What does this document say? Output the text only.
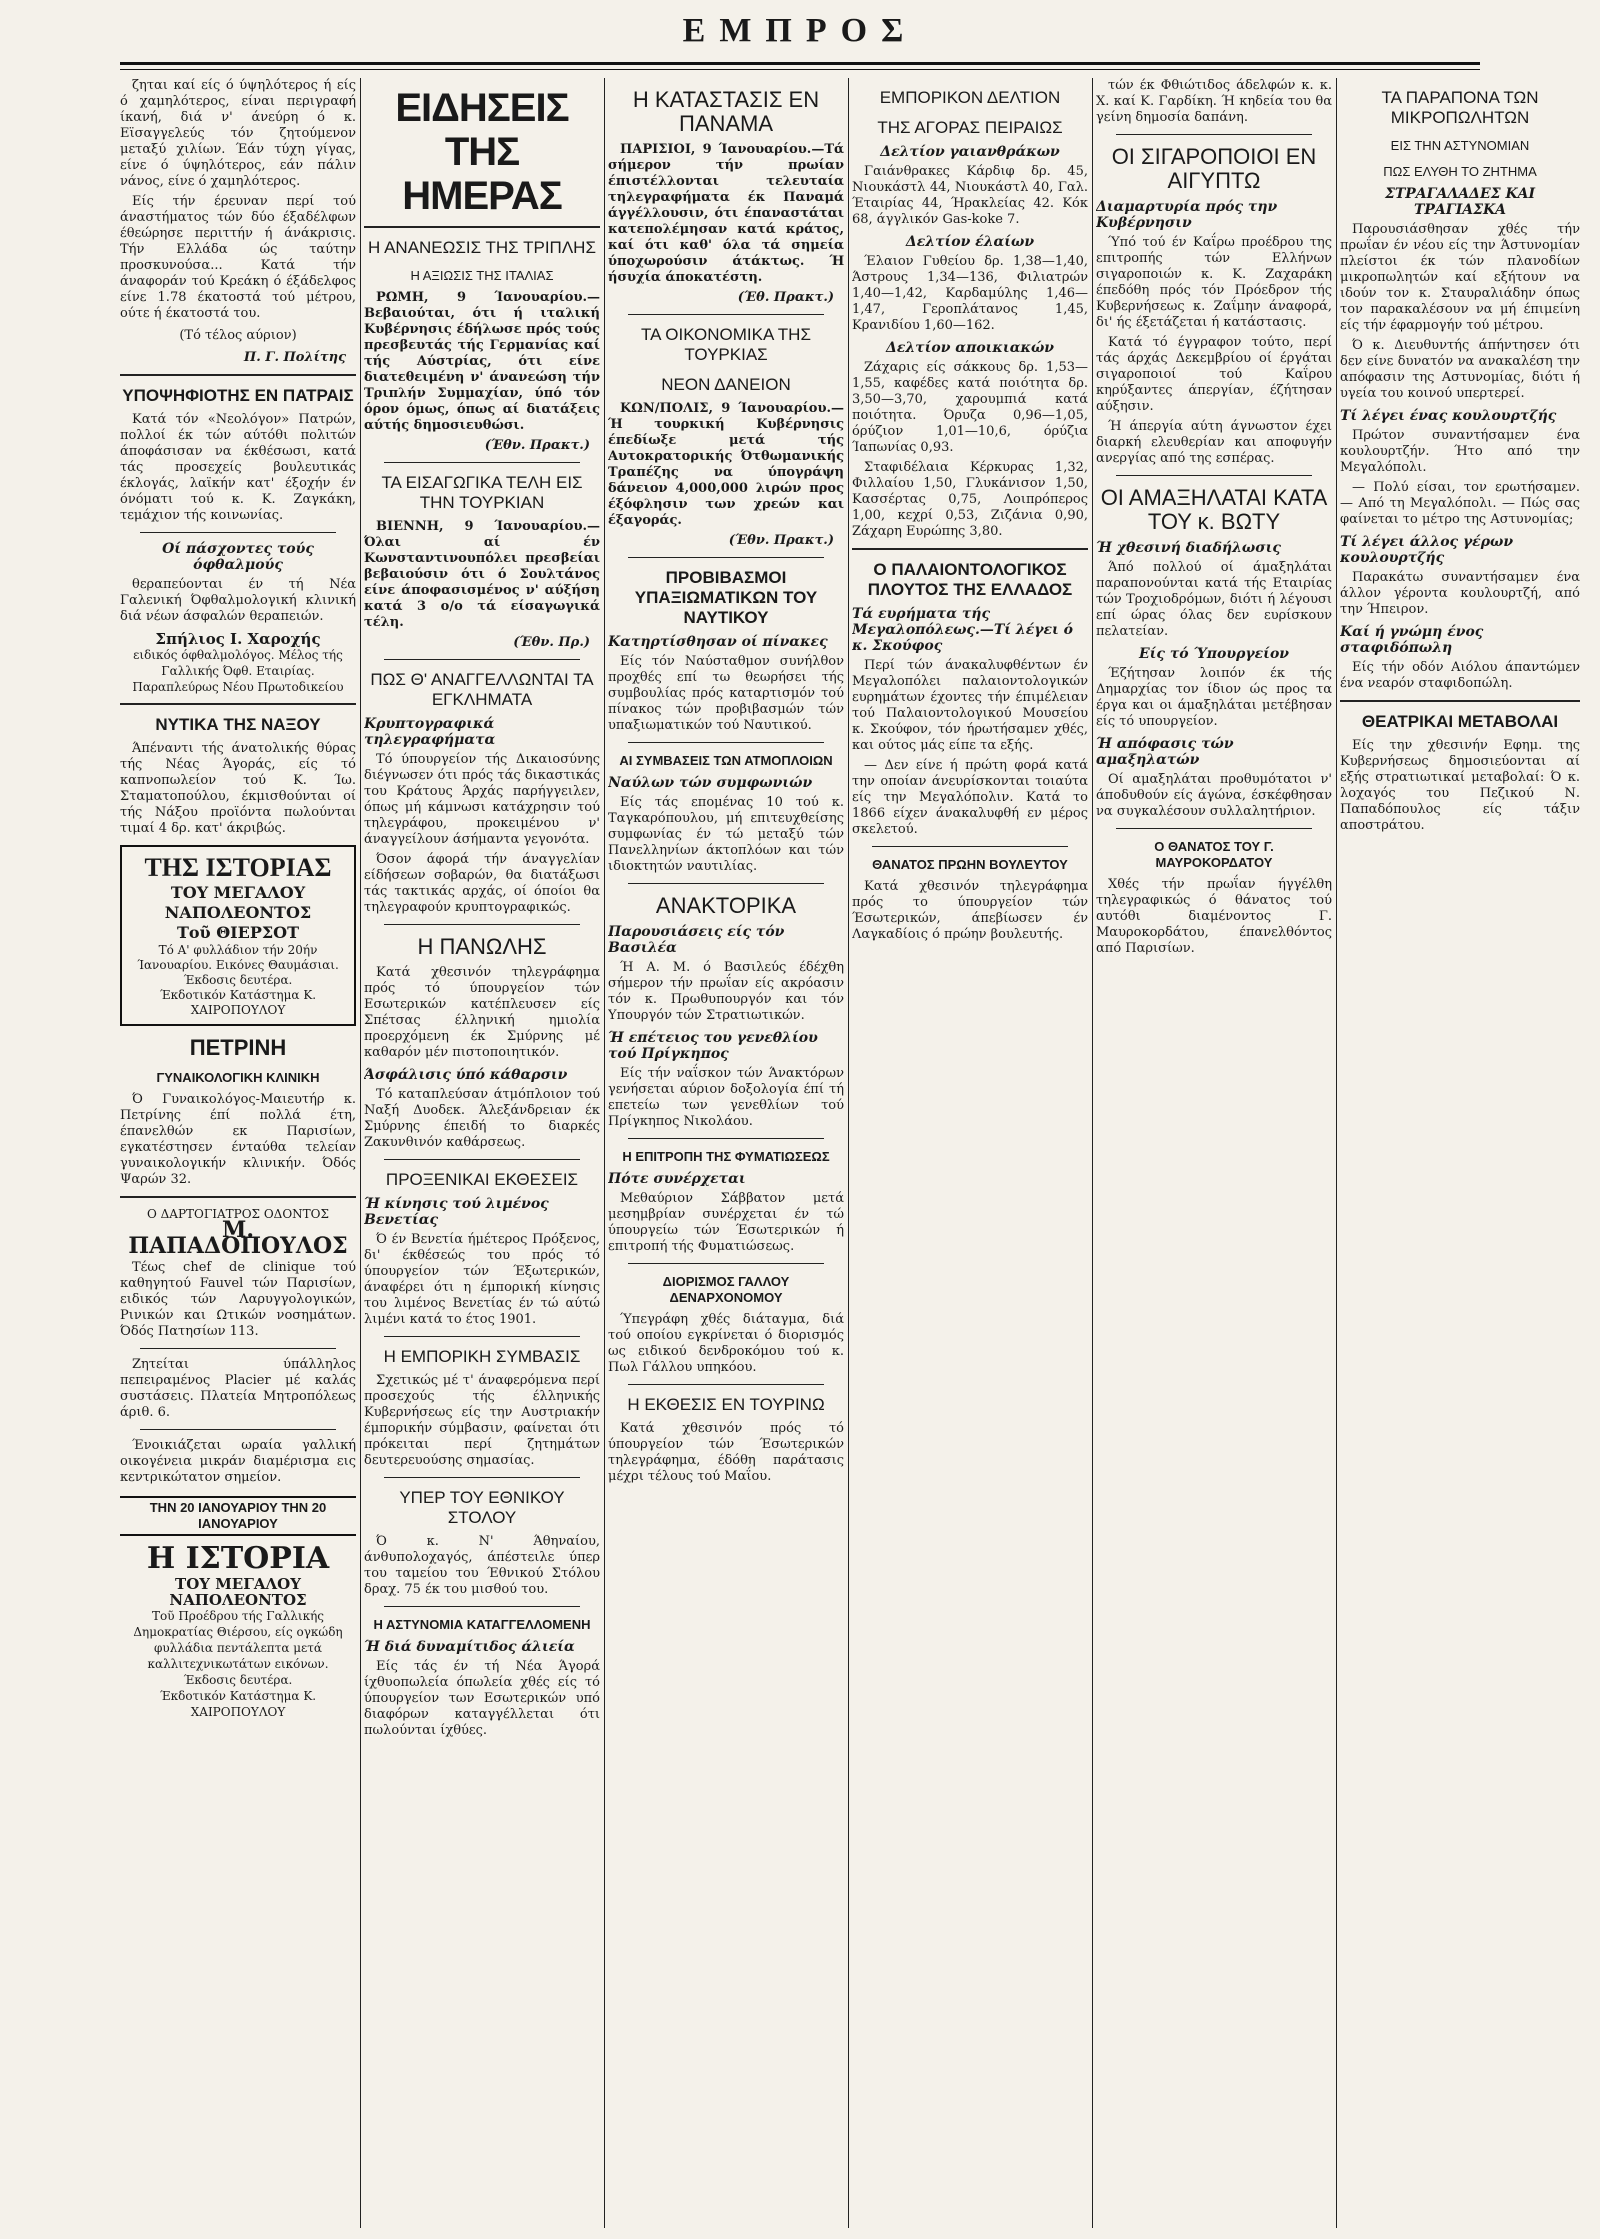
ΕΜΠΡΟΣ

ζηται καί είς ό ύψηλότερος ή είς ό χαμηλότερος, είναι περιγραφή ίκανή, διά ν' άνεύρη ό κ. Εϊσαγγελεύς τόν ζητούμενον μεταξύ χιλίων. Έάν τύχη γίγας, είνε ό ύψηλότερος, εάν πάλιν νάνος, είνε ό χαμηλότερος.

Είς τήν έρευναν περί τού άναστήματος τών δύο έξαδέλφων έθεώρησε περιττήν ή άνάκρισις. Τήν Ελλάδα ώς ταύτην προσκυνούσα... Κατά τήν άναφοράν τού Κρεάκη ό έξάδελφος είνε 1.78 έκατοστά τού μέτρου, ούτε ή έκατοστά του.

(Τό τέλος αύριον)
Π. Γ. Πολίτης
ΥΠΟΨΗΦΙΟΤΗΣ ΕΝ ΠΑΤΡΑΙΣ

Κατά τόν «Νεολόγον» Πατρών, πολλοί έκ τών αύτόθι πολιτών άποφάσισαν να έκθέσωσι, κατά τάς προσεχείς βουλευτικάς έκλογάς, λαϊκήν κατ' έξοχήν έν όνόματι τού κ. Κ. Ζαγκάκη, τεμάχιον τής κοινωνίας.

Οί πάσχοντες τούς όφθαλμούς

θεραπεύονται έν τή Νέα Γαλενική Όφθαλμολογική κλινική διά νέων άσφαλών θεραπειών.

Σπήλιος Ι. Χαροχής
ειδικός όφθαλμολόγος. Μέλος τής Γαλλικής Όφθ. Εταιρίας. Παραπλεύρως Νέου Πρωτοδικείου
ΝΥΤΙΚΑ ΤΗΣ ΝΑΞΟΥ

Άπέναντι τής άνατολικής θύρας τής Νέας Άγοράς, είς τό καπνοπωλείον τού Κ. Ίω. Σταματοπούλου, έκμισθούνται οί τής Νάξου προϊόντα πωλούνται τιμαί 4 δρ. κατ' άκριβώς.

ΤΗΣ ΙΣΤΟΡΙΑΣ
ΤΟΥ ΜΕΓΑΛΟΥ ΝΑΠΟΛΕΟΝΤΟΣ
Τοῦ ΘΙΕΡΣΟΤ
Τό Α' φυλλάδιον τήν 20ήν Ίανουαρίου. Εικόνες Θαυμάσιαι. Έκδοσις δευτέρα.
Έκδοτικόν Κατάστημα Κ. ΧΑΙΡΟΠΟΥΛΟΥ
ΠΕΤΡΙΝΗ
ΓΥΝΑΙΚΟΛΟΓΙΚΗ ΚΛΙΝΙΚΗ

Ό Γυναικολόγος-Μαιευτήρ κ. Πετρίνης έπί πολλά έτη, έπανελθών εκ Παρισίων, εγκατέστησεν ένταύθα τελείαν γυναικολογικήν κλινικήν. Όδός Ψαρών 32.

Ο ΔΑΡΤΟΓΙΑΤΡΟΣ ΟΔΟΝΤΟΣ
Μ. ΠΑΠΑΔΟΠΟΥΛΟΣ

Τέως chef de clinique τού καθηγητού Fauvel τών Παρισίων, ειδικός τών Λαρυγγολογικών, Ρινικών και Ωτικών νοσημάτων. Όδός Πατησίων 113.

Ζητείται ύπάλληλος πεπειραμένος Placier μέ καλάς συστάσεις. Πλατεία Μητροπόλεως άριθ. 6.

Ένοικιάζεται ωραία γαλλική οικογένεια μικράν διαμέρισμα εις κεντρικώτατον σημείον.

ΤΗΝ 20 ΙΑΝΟΥΑΡΙΟΥ ΤΗΝ 20 ΙΑΝΟΥΑΡΙΟΥ
Η ΙΣΤΟΡΙΑ
ΤΟΥ ΜΕΓΑΛΟΥ ΝΑΠΟΛΕΟΝΤΟΣ
Τοῦ Προέδρου τής Γαλλικής Δημοκρατίας Θιέρσου, είς ογκώδη φυλλάδια πεντάλεπτα μετά καλλιτεχνικωτάτων εικόνων. Έκδοσις δευτέρα.
Έκδοτικόν Κατάστημα Κ. ΧΑΙΡΟΠΟΥΛΟΥ
ΕΙΔΗΣΕΙΣ ΤΗΣ ΗΜΕΡΑΣ
Η ΑΝΑΝΕΩΣΙΣ ΤΗΣ ΤΡΙΠΛΗΣ
Η ΑΞΙΩΣΙΣ ΤΗΣ ΙΤΑΛΙΑΣ

ΡΩΜΗ, 9 Ίανουαρίου.—Βεβαιούται, ότι ή ιταλική Κυβέρνησις έδήλωσε πρός τούς πρεσβευτάς τής Γερμανίας καί τής Αύστρίας, ότι είνε διατεθειμένη ν' άνανεώση τήν Τριπλήν Συμμαχίαν, ύπό τόν όρον όμως, όπως αί διατάξεις αύτής δημοσιευθώσι.

(Έθν. Πρακτ.)
ΤΑ ΕΙΣΑΓΩΓΙΚΑ ΤΕΛΗ ΕΙΣ ΤΗΝ ΤΟΥΡΚΙΑΝ

ΒΙΕΝΝΗ, 9 Ίανουαρίου.—Όλαι αί έν Κωνσταντινουπόλει πρεσβείαι βεβαιούσιν ότι ό Σουλτάνος είνε άποφασισμένος ν' αύξήση κατά 3 ο/ο τά είσαγωγικά τέλη.

(Έθν. Πρ.)
ΠΩΣ Θ' ΑΝΑΓΓΕΛΛΩΝΤΑΙ ΤΑ ΕΓΚΛΗΜΑΤΑ
Κρυπτογραφικά τηλεγραφήματα

Τό ύπουργείον τής Δικαιοσύνης διέγνωσεν ότι πρός τάς δικαστικάς του Κράτους Άρχάς παρήγγειλεν, όπως μή κάμνωσι κατάχρησιν τού τηλεγράφου, προκειμένου ν' άναγγείλουν άσήμαντα γεγονότα.

Όσον άφορά τήν άναγγελίαν είδήσεων σοβαρών, θα διατάξωσι τάς τακτικάς αρχάς, οί όποίοι θα τηλεγραφούν κρυπτογραφικώς.

Η ΠΑΝΩΛΗΣ

Κατά χθεσινόν τηλεγράφημα πρός τό ύπουργείον τών Εσωτερικών κατέπλευσεν είς Σπέτσας έλληνική ημιολία προερχόμενη έκ Σμύρνης μέ καθαρόν μέν πιστοποιητικόν.

Άσφάλισις ύπό κάθαρσιν

Τό καταπλεύσαν άτμόπλοιον τού Ναξή Δυοδεκ. Άλεξάνδρειαν έκ Σμύρνης έπειδή το διαρκές Ζακυνθινόν καθάρσεως.

ΠΡΟΞΕΝΙΚΑΙ ΕΚΘΕΣΕΙΣ
Ή κίνησις τού λιμένος Βενετίας

Ό έν Βενετία ήμέτερος Πρόξενος, δι' έκθέσεώς του πρός τό ύπουργείον τών Έξωτερικών, άναφέρει ότι η έμπορική κίνησις του λιμένος Βενετίας έν τώ αύτώ λιμένι κατά το έτος 1901.

Η ΕΜΠΟΡΙΚΗ ΣΥΜΒΑΣΙΣ

Σχετικώς μέ τ' άναφερόμενα περί προσεχούς τής έλληνικής Κυβερνήσεως είς την Αυστριακήν έμπορικήν σύμβασιν, φαίνεται ότι πρόκειται περί ζητημάτων δευτερευούσης σημασίας.

ΥΠΕΡ ΤΟΥ ΕΘΝΙΚΟΥ ΣΤΟΛΟΥ

Ό κ. Ν' Άθηναίου, άνθυπολοχαγός, άπέστειλε ύπερ του ταμείου του Έθνικού Στόλου δραχ. 75 έκ του μισθού του.

Η ΑΣΤΥΝΟΜΙΑ ΚΑΤΑΓΓΕΛΛΟΜΕΝΗ
Ή διά δυναμίτιδος άλιεία

Είς τάς έν τή Νέα Άγορά ίχθυοπωλεία όπωλεία χθές είς τό ύπουργείον των Εσωτερικών υπό διαφόρων καταγγέλλεται ότι πωλούνται ίχθύες.

Η ΚΑΤΑΣΤΑΣΙΣ ΕΝ ΠΑΝΑΜΑ

ΠΑΡΙΣΙΟΙ, 9 Ίανουαρίου.—Τά σήμερον τήν πρωίαν έπιστέλλονται τελευταία τηλεγραφήματα έκ Παναμά άγγέλλουσιν, ότι έπαναστάται κατεπολέμησαν κατά κράτος, καί ότι καθ' όλα τά σημεία ύποχωρούσιν άτάκτως. Ή ήσυχία άποκατέστη.

(Έθ. Πρακτ.)
ΤΑ ΟΙΚΟΝΟΜΙΚΑ ΤΗΣ ΤΟΥΡΚΙΑΣ
ΝΕΟΝ ΔΑΝΕΙΟΝ

ΚΩΝ/ΠΟΛΙΣ, 9 Ίανουαρίου.—Ή τουρκική Κυβέρνησις έπεδίωξε μετά τής Αυτοκρατορικής Ότθωμανικής Τραπέζης να ύπογράψη δάνειον 4,000,000 λιρών προς έξόφλησιν των χρεών και έξαγοράς.

(Έθν. Πρακτ.)
ΠΡΟΒΙΒΑΣΜΟΙ ΥΠΑΞΙΩΜΑΤΙΚΩΝ ΤΟΥ ΝΑΥΤΙΚΟΥ
Κατηρτίσθησαν οί πίνακες

Είς τόν Ναύσταθμον συνήλθον προχθές επί τω θεωρήσει τής συμβουλίας πρός καταρτισμόν τού πίνακος τών προβιβασμών τών υπαξιωματικών τού Ναυτικού.

ΑΙ ΣΥΜΒΑΣΕΙΣ ΤΩΝ ΑΤΜΟΠΛΟΙΩΝ
Ναύλων τών συμφωνιών

Είς τάς επομένας 10 τού κ. Ταγκαρόπουλου, μή επιτευχθείσης συμφωνίας έν τώ μεταξύ τών Πανελληνίων άκτοπλόων και τών ιδιοκτητών ναυτιλίας.

ΑΝΑΚΤΟΡΙΚΑ
Παρουσιάσεις είς τόν Βασιλέα

Ή Α. Μ. ό Βασιλεύς έδέχθη σήμερον τήν πρωΐαν είς ακρόασιν τόν κ. Πρωθυπουργόν και τόν Υπουργόν τών Στρατιωτικών.

Ή επέτειος του γενεθλίου τού Πρίγκηπος

Είς τήν ναΐσκον τών Άνακτόρων γενήσεται αύριον δοξολογία έπί τή επετείω των γενεθλίων τού Πρίγκηπος Νικολάου.

Η ΕΠΙΤΡΟΠΗ ΤΗΣ ΦΥΜΑΤΙΩΣΕΩΣ
Πότε συνέρχεται

Μεθαύριον Σάββατον μετά μεσημβρίαν συνέρχεται έν τώ ύπουργείω τών Έσωτερικών ή επιτροπή τής Φυματιώσεως.

ΔΙΟΡΙΣΜΟΣ ΓΑΛΛΟΥ ΔΕΝΑΡΧΟΝΟΜΟΥ

Ύπεγράφη χθές διάταγμα, διά τού οποίου εγκρίνεται ό διορισμός ως ειδικού δενδροκόμου τού κ. Πωλ Γάλλου υπηκόου.

Η ΕΚΘΕΣΙΣ ΕΝ ΤΟΥΡΙΝΩ

Κατά χθεσινόν πρός τό ύπουργείον τών Έσωτερικών τηλεγράφημα, έδόθη παράτασις μέχρι τέλους τού Μαΐου.

ΕΜΠΟΡΙΚΟΝ ΔΕΛΤΙΟΝ
ΤΗΣ ΑΓΟΡΑΣ ΠΕΙΡΑΙΩΣ
Δελτίον γαιανθράκων

Γαιάνθρακες Κάρδιφ δρ. 45, Νιουκάστλ 44, Νιουκάστλ 40, Γαλ. Έταιρίας 44, Ήρακλείας 42. Κόκ 68, άγγλικόν Gas-koke 7.

Δελτίον έλαίων

Έλαιον Γυθείου δρ. 1,38—1,40, Άστρους 1,34—136, Φιλιατρών 1,40—1,42, Καρδαμύλης 1,46—1,47, Γεροπλάτανος 1,45, Κρανιδίου 1,60—162.

Δελτίον αποικιακών

Ζάχαρις είς σάκκους δρ. 1,53—1,55, καφέδες κατά ποιότητα δρ. 3,50—3,70, χαρουμπιά κατά ποιότητα. Όρυζα 0,96—1,05, όρύζιον 1,01—10,6, όρύζια Ίαπωνίας 0,93.

Σταφιδέλαια Κέρκυρας 1,32, Φιλλαίου 1,50, Γλυκάνισον 1,50, Κασσέρτας 0,75, Λοιπρόπερος 1,00, κεχρί 0,53, Ζιζάνια 0,90, Ζάχαρη Ευρώπης 3,80.

Ο ΠΑΛΑΙΟΝΤΟΛΟΓΙΚΟΣ ΠΛΟΥΤΟΣ ΤΗΣ ΕΛΛΑΔΟΣ
Τά ευρήματα τής Μεγαλοπόλεως.—Τί λέγει ό κ. Σκούφος

Περί τών άνακαλυφθέντων έν Μεγαλοπόλει παλαιοντολογικών ευρημάτων έχοντες τήν έπιμέλειαν τού Παλαιοντολογικού Μουσείου κ. Σκούφον, τόν ήρωτήσαμεν χθές, και ούτος μάς είπε τα εξής.

— Δεν είνε ή πρώτη φορά κατά την οποίαν άνευρίσκονται τοιαύτα είς την Μεγαλόπολιν. Κατά το 1866 είχεν άνακαλυφθή εν μέρος σκελετού.

ΘΑΝΑΤΟΣ ΠΡΩΗΝ ΒΟΥΛΕΥΤΟΥ

Κατά χθεσινόν τηλεγράφημα πρός το ύπουργείον τών Έσωτερικών, άπεβίωσεν έν Λαγκαδίοις ό πρώην βουλευτής.

τών έκ Φθιώτιδος άδελφών κ. κ. Χ. καί Κ. Γαρδίκη. Ή κηδεία του θα γείνη δημοσία δαπάνη.

ΟΙ ΣΙΓΑΡΟΠΟΙΟΙ ΕΝ ΑΙΓΥΠΤΩ
Διαμαρτυρία πρός την Κυβέρνησιν

Ύπό τού έν Καΐρω προέδρου της επιτροπής τών Ελλήνων σιγαροποιών κ. Κ. Ζαχαράκη έπεδόθη πρός τόν Πρόεδρον τής Κυβερνήσεως κ. Ζαΐμην άναφορά, δι' ής έξετάζεται ή κατάστασις.

Κατά τό έγγραφον τούτο, περί τάς άρχάς Δεκεμβρίου οί έργάται σιγαροποιοί τού Καΐρου κηρύξαντες άπεργίαν, έζήτησαν αύξησιν.

Ή άπεργία αύτη άγνωστον έχει διαρκή ελευθερίαν και αποφυγήν ανεργίας από της εσπέρας.

ΟΙ ΑΜΑΞΗΛΑΤΑΙ ΚΑΤΑ ΤΟΥ κ. ΒΩΤΥ
Ή χθεσινή διαδήλωσις

Άπό πολλού οί άμαξηλάται παραπονούνται κατά τής Εταιρίας τών Τροχιοδρόμων, διότι ή λέγουσι επί ώρας όλας δεν ευρίσκουν πελατείαν.

Είς τό Ύπουργείον

Έζήτησαν λοιπόν έκ τής Δημαρχίας τον ίδιον ώς προς τα έργα και οι άμαξηλάται μετέβησαν είς τό υπουργείον.

Ή απόφασις τών αμαξηλατών

Οί αμαξηλάται προθυμότατοι ν' άποδυθούν είς άγώνα, έσκέφθησαν να συγκαλέσουν συλλαλητήριον.

Ο ΘΑΝΑΤΟΣ ΤΟΥ Γ. ΜΑΥΡΟΚΟΡΔΑΤΟΥ

Χθές τήν πρωΐαν ήγγέλθη τηλεγραφικώς ό θάνατος τού αυτόθι διαμένοντος Γ. Μαυροκορδάτου, έπανελθόντος από Παρισίων.

ΤΑ ΠΑΡΑΠΟΝΑ ΤΩΝ ΜΙΚΡΟΠΩΛΗΤΩΝ
ΕΙΣ ΤΗΝ ΑΣΤΥΝΟΜΙΑΝ
ΠΩΣ ΕΛΥΘΗ ΤΟ ΖΗΤΗΜΑ
ΣΤΡΑΓΑΛΑΔΕΣ ΚΑΙ ΤΡΑΓΙΑΣΚΑ

Παρουσιάσθησαν χθές τήν πρωΐαν έν νέου είς την Άστυνομίαν πλείστοι έκ τών πλανοδίων μικροπωλητών καί εξήτουν να ιδούν τον κ. Σταυραλιάδην όπως τον παρακαλέσουν να μή έπιμείνη είς τήν έφαρμογήν τού μέτρου.

Ό κ. Διευθυντής άπήντησεν ότι δεν είνε δυνατόν να ανακαλέση την απόφασιν της Αστυνομίας, διότι ή υγεία του κοινού υπερτερεί.

Τί λέγει ένας κουλουρτζής

Πρώτον συναντήσαμεν ένα κουλουρτζήν. Ήτο από την Μεγαλόπολι.

— Πολύ είσαι, τον ερωτήσαμεν. — Από τη Μεγαλόπολι. — Πώς σας φαίνεται το μέτρο της Αστυνομίας;

Τί λέγει άλλος γέρων κουλουρτζής

Παρακάτω συναντήσαμεν ένα άλλον γέροντα κουλουρτζή, από την Ήπειρον.

Καί ή γνώμη ένος σταφιδόπωλη

Είς τήν οδόν Αιόλου άπαντώμεν ένα νεαρόν σταφιδοπώλη.

ΘΕΑΤΡΙΚΑΙ ΜΕΤΑΒΟΛΑΙ

Είς την χθεσινήν Εφημ. της Κυβερνήσεως δημοσιεύονται αί εξής στρατιωτικαί μεταβολαί: Ό κ. λοχαγός του Πεζικού Ν. Παπαδόπουλος είς τάξιν αποστράτου.
